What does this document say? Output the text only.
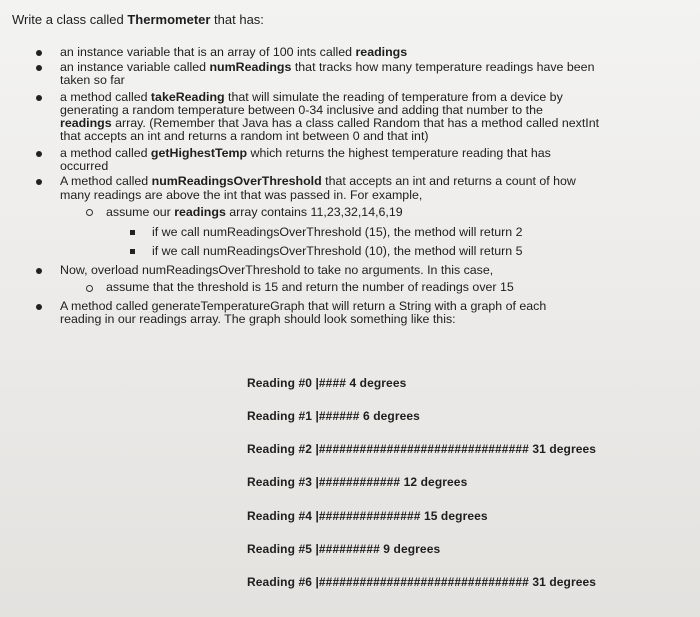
Write a class called Thermometer that has:
an instance variable that is an array of 100 ints called readings
an instance variable called numReadings that tracks how many temperature readings have been
taken so far
a method called takeReading that will simulate the reading of temperature from a device by
generating a random temperature between 0-34 inclusive and adding that number to the
readings array. (Remember that Java has a class called Random that has a method called nextInt
that accepts an int and returns a random int between 0 and that int)
a method called getHighestTemp which returns the highest temperature reading that has
occurred
A method called numReadingsOverThreshold that accepts an int and returns a count of how
many readings are above the int that was passed in. For example,
assume our readings array contains 11,23,32,14,6,19
if we call numReadingsOverThreshold (15), the method will return 2
if we call numReadingsOverThreshold (10), the method will return 5
Now, overload numReadingsOverThreshold to take no arguments. In this case,
assume that the threshold is 15 and return the number of readings over 15
A method called generateTemperatureGraph that will return a String with a graph of each
reading in our readings array. The graph should look something like this:
Reading #0 |#### 4 degrees
Reading #1 |###### 6 degrees
Reading #2 |############################### 31 degrees
Reading #3 |############ 12 degrees
Reading #4 |############### 15 degrees
Reading #5 |######### 9 degrees
Reading #6 |############################### 31 degrees
